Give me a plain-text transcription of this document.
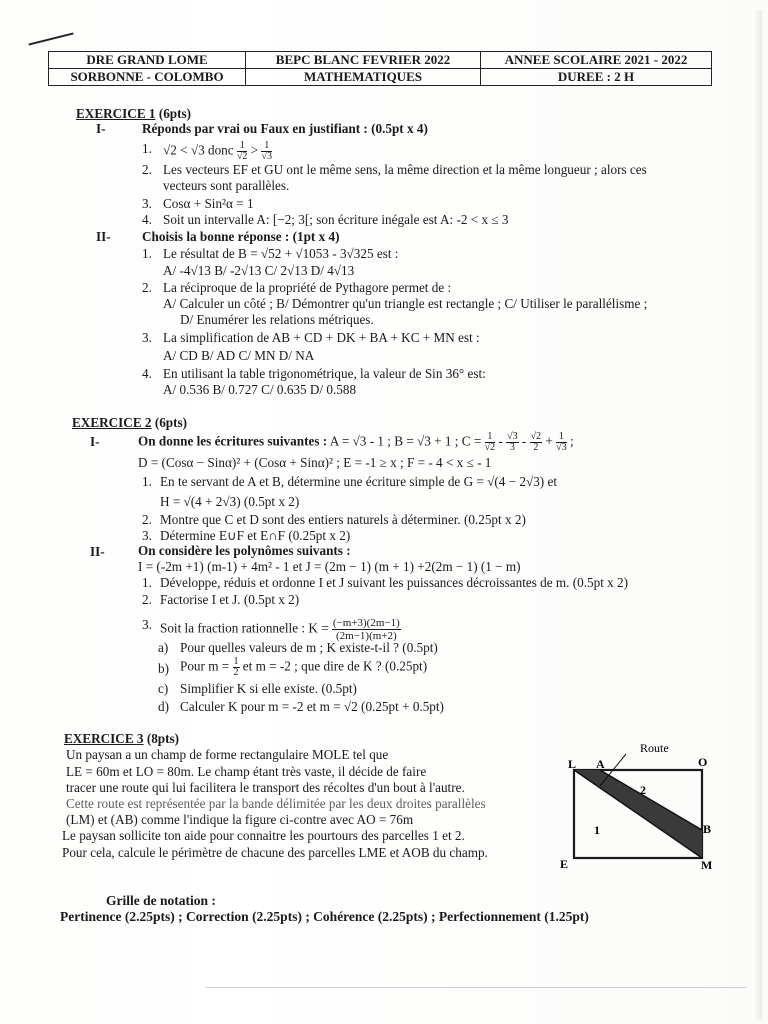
DRE GRAND LOME	BEPC BLANC FEVRIER 2022	ANNEE SCOLAIRE 2021 - 2022
SORBONNE - COLOMBO	MATHEMATIQUES	DUREE : 2 H
EXERCICE 1 (6pts)
I-	Réponds par vrai ou Faux en justifiant : (0.5pt x 4)
1. √2 < √3 donc $\frac{1}{√2} > \frac{1}{√3}$
2. Les vecteurs EF et GU ont le même sens, la même direction et la même longueur ; alors ces
vecteurs sont parallèles.
3. Cosα + Sin²α = 1
4. Soit un intervalle A: [−2; 3[; son écriture inégale est A: -2 < x ≤ 3
II- Choisis la bonne réponse : (1pt x 4)
1. Le résultat de B = √52 + √1053 - 3√325 est :
A/ -4√13 B/ -2√13 C/ 2√13 D/ 4√13
2. La réciproque de la propriété de Pythagore permet de :
A/ Calculer un côté ; B/ Démontrer qu'un triangle est rectangle ; C/ Utiliser le parallélisme ;
D/ Enumérer les relations métriques.
3. La simplification de AB + CD + DK + BA + KC + MN est :
A/ CD B/ AD C/ MN D/ NA
4. En utilisant la table trigonométrique, la valeur de Sin 36° est:
A/ 0.536 B/ 0.727 C/ 0.635 D/ 0.588
EXERCICE 2 (6pts)
I-	On donne les écritures suivantes : A = √3 - 1 ; B = √3 + 1 ; $C = \frac{1}{√2} - \frac{√3}{3} - \frac{√2}{2} + \frac{1}{√3}$ ;
D = (Cosα − Sinα)² + (Cosα + Sinα)² ; E = -1 ≥ x ; F = - 4 < x ≤ - 1
1. En te servant de A et B, détermine une écriture simple de G = √(4 − 2√3) et
H = √(4 + 2√3) (0.5pt x 2)
2. Montre que C et D sont des entiers naturels à déterminer. (0.25pt x 2)
3. Détermine E∪F et E∩F (0.25pt x 2)
II-	On considère les polynômes suivants :
I = (-2m +1) (m-1) + 4m² - 1 et J = (2m − 1) (m + 1) +2(2m − 1) (1 − m)
1. Développe, réduis et ordonne I et J suivant les puissances décroissantes de m. (0.5pt x 2)
2. Factorise I et J. (0.5pt x 2)
3. Soit la fraction rationnelle : $K = \frac{(-m+3)(2m-1)}{(2m-1)(m+2)}$
a) Pour quelles valeurs de m ; K existe-t-il ? (0.5pt)
b) Pour $m = \frac{1}{2}$ et m = -2 ; que dire de K ? (0.25pt)
c) Simplifier K si elle existe. (0.5pt)
d) Calculer K pour m = -2 et m = √2 (0.25pt + 0.5pt)
EXERCICE 3 (8pts)
Un paysan a un champ de forme rectangulaire MOLE tel que
LE = 60m et LO = 80m. Le champ étant très vaste, il décide de faire
tracer une route qui lui facilitera le transport des récoltes d'un bout à l'autre.
Cette route est représentée par la bande délimitée par les deux droites parallèles
(LM) et (AB) comme l'indique la figure ci-contre avec AO = 76m
Le paysan sollicite ton aide pour connaitre les pourtours des parcelles 1 et 2.
Pour cela, calcule le périmètre de chacune des parcelles LME et AOB du champ.
Route
L A	O
B
M
E
1
2
Grille de notation :
Pertinence (2.25pts) ; Correction (2.25pts) ; Cohérence (2.25pts) ; Perfectionnement (1.25pt)
